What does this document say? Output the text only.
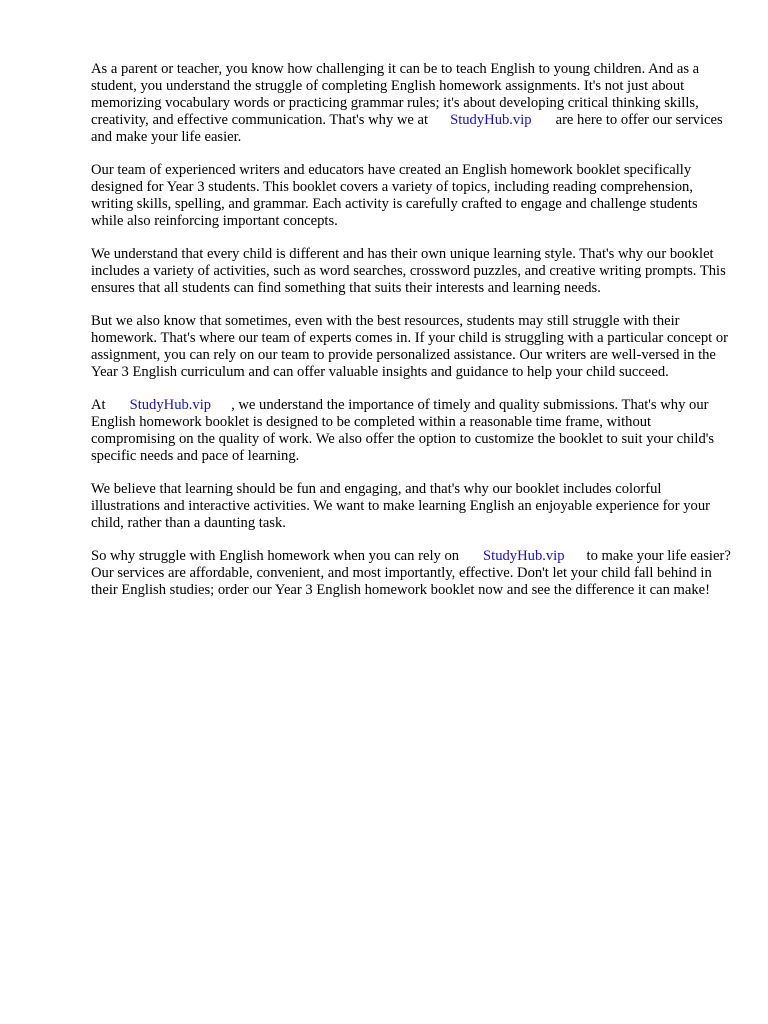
As a parent or teacher, you know how challenging it can be to teach English to young children. And as a student, you understand the struggle of completing English homework assignments. It's not just about memorizing vocabulary words or practicing grammar rules; it's about developing critical thinking skills, creativity, and effective communication. That's why we at StudyHub.vip are here to offer our services and make your life easier.

Our team of experienced writers and educators have created an English homework booklet specifically designed for Year 3 students. This booklet covers a variety of topics, including reading comprehension, writing skills, spelling, and grammar. Each activity is carefully crafted to engage and challenge students while also reinforcing important concepts.

We understand that every child is different and has their own unique learning style. That's why our booklet includes a variety of activities, such as word searches, crossword puzzles, and creative writing prompts. This ensures that all students can find something that suits their interests and learning needs.

But we also know that sometimes, even with the best resources, students may still struggle with their homework. That's where our team of experts comes in. If your child is struggling with a particular concept or assignment, you can rely on our team to provide personalized assistance. Our writers are well-versed in the Year 3 English curriculum and can offer valuable insights and guidance to help your child succeed.

At StudyHub.vip , we understand the importance of timely and quality submissions. That's why our English homework booklet is designed to be completed within a reasonable time frame, without compromising on the quality of work. We also offer the option to customize the booklet to suit your child's specific needs and pace of learning.

We believe that learning should be fun and engaging, and that's why our booklet includes colorful illustrations and interactive activities. We want to make learning English an enjoyable experience for your child, rather than a daunting task.

So why struggle with English homework when you can rely on StudyHub.vip to make your life easier? Our services are affordable, convenient, and most importantly, effective. Don't let your child fall behind in their English studies; order our Year 3 English homework booklet now and see the difference it can make!
